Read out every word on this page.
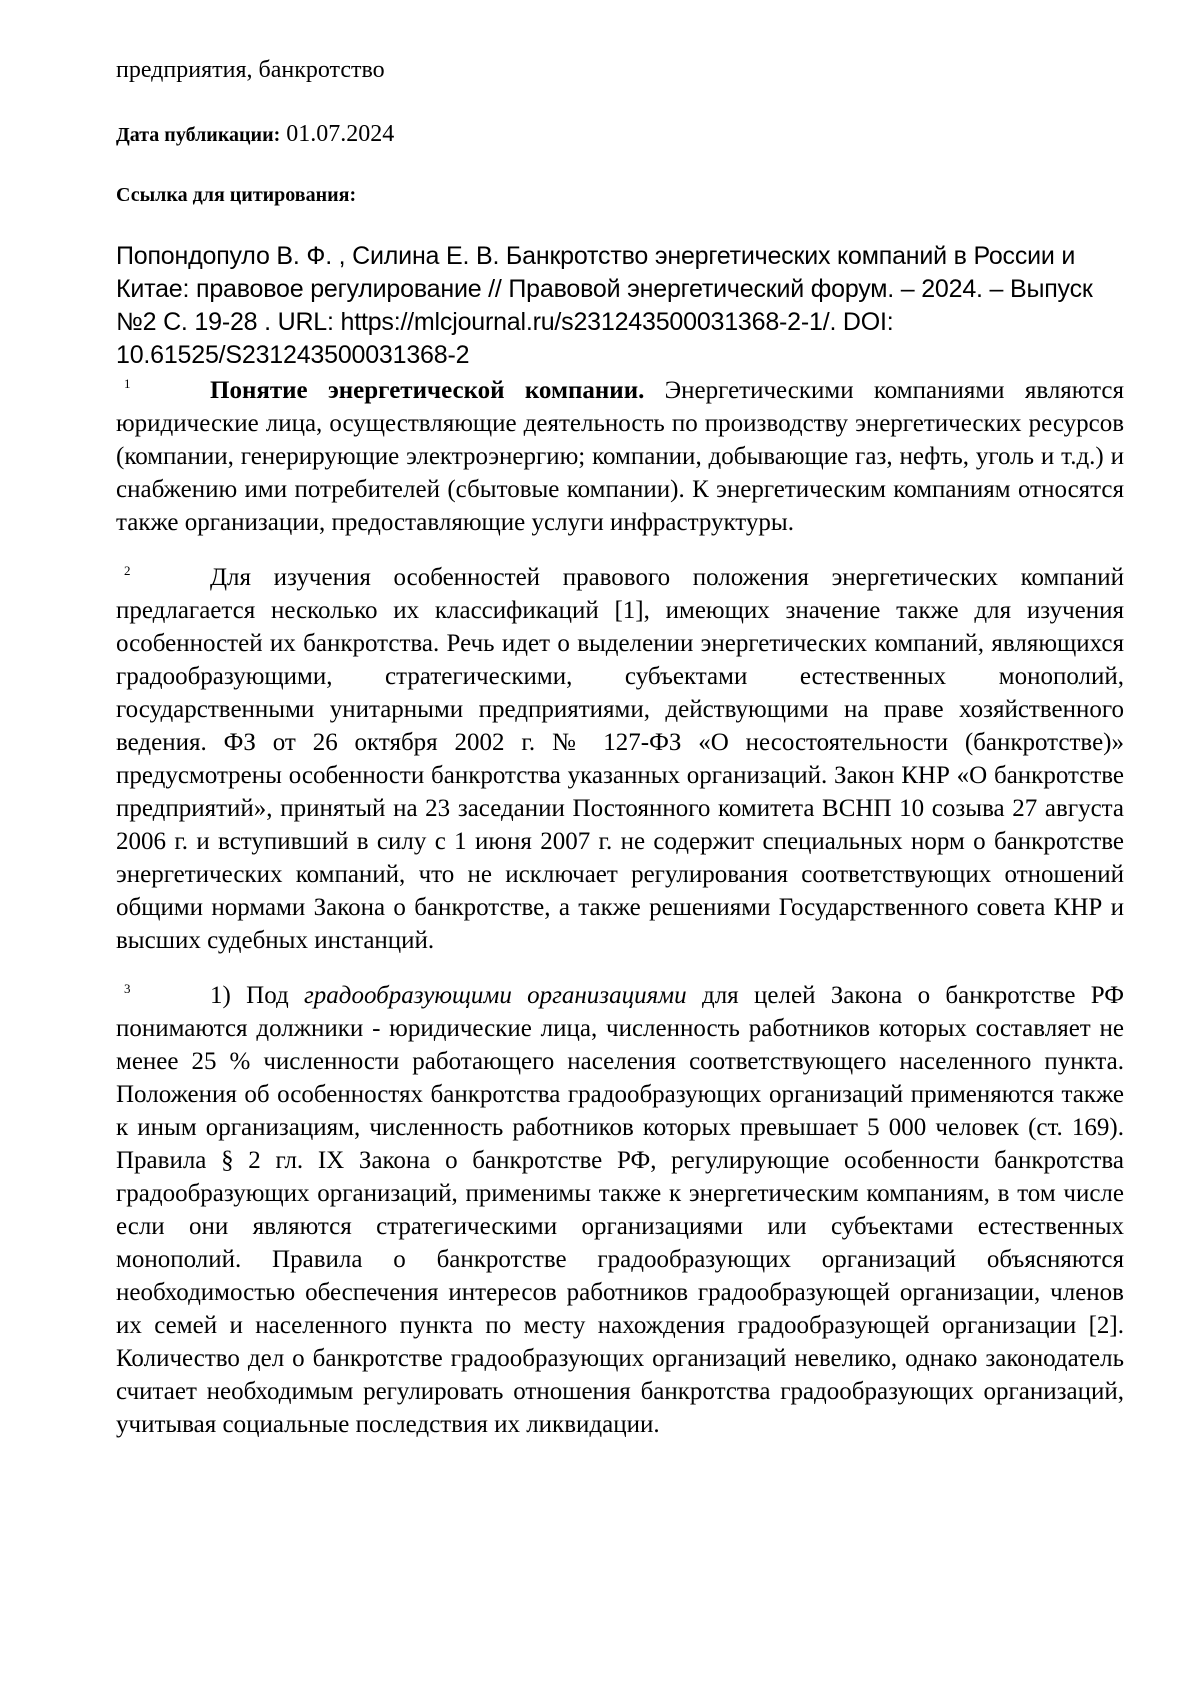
предприятия, банкротство

Дата публикации: 01.07.2024

Ссылка для цитирования:

Попондопуло В. Ф. , Силина Е. В. Банкротство энергетических компаний в России и Китае: правовое регулирование // Правовой энергетический форум. – 2024. – Выпуск №2 С. 19-28 . URL: https://mlcjournal.ru/s231243500031368-2-1/. DOI: 10.61525/S231243500031368-2

1	Понятие энергетической компании. Энергетическими компаниями являются юридические лица, осуществляющие деятельность по производству энергетических ресурсов (компании, генерирующие электроэнергию; компании, добывающие газ, нефть, уголь и т.д.) и снабжению ими потребителей (сбытовые компании). К энергетическим компаниям относятся также организации, предоставляющие услуги инфраструктуры.

2	Для изучения особенностей правового положения энергетических компаний предлагается несколько их классификаций [1], имеющих значение также для изучения особенностей их банкротства. Речь идет о выделении энергетических компаний, являющихся градообразующими, стратегическими, субъектами естественных монополий, государственными унитарными предприятиями, действующими на праве хозяйственного ведения. ФЗ от 26 октября 2002 г. № 127-ФЗ «О несостоятельности (банкротстве)» предусмотрены особенности банкротства указанных организаций. Закон КНР «О банкротстве предприятий», принятый на 23 заседании Постоянного комитета ВСНП 10 созыва 27 августа 2006 г. и вступивший в силу с 1 июня 2007 г. не содержит специальных норм о банкротстве энергетических компаний, что не исключает регулирования соответствующих отношений общими нормами Закона о банкротстве, а также решениями Государственного совета КНР и высших судебных инстанций.

3	1) Под градообразующими организациями для целей Закона о банкротстве РФ понимаются должники - юридические лица, численность работников которых составляет не менее 25 % численности работающего населения соответствующего населенного пункта. Положения об особенностях банкротства градообразующих организаций применяются также к иным организациям, численность работников которых превышает 5 000 человек (ст. 169). Правила § 2 гл. IX Закона о банкротстве РФ, регулирующие особенности банкротства градообразующих организаций, применимы также к энергетическим компаниям, в том числе если они являются стратегическими организациями или субъектами естественных монополий. Правила о банкротстве градообразующих организаций объясняются необходимостью обеспечения интересов работников градообразующей организации, членов их семей и населенного пункта по месту нахождения градообразующей организации [2]. Количество дел о банкротстве градообразующих организаций невелико, однако законодатель считает необходимым регулировать отношения банкротства градообразующих организаций, учитывая социальные последствия их ликвидации.
